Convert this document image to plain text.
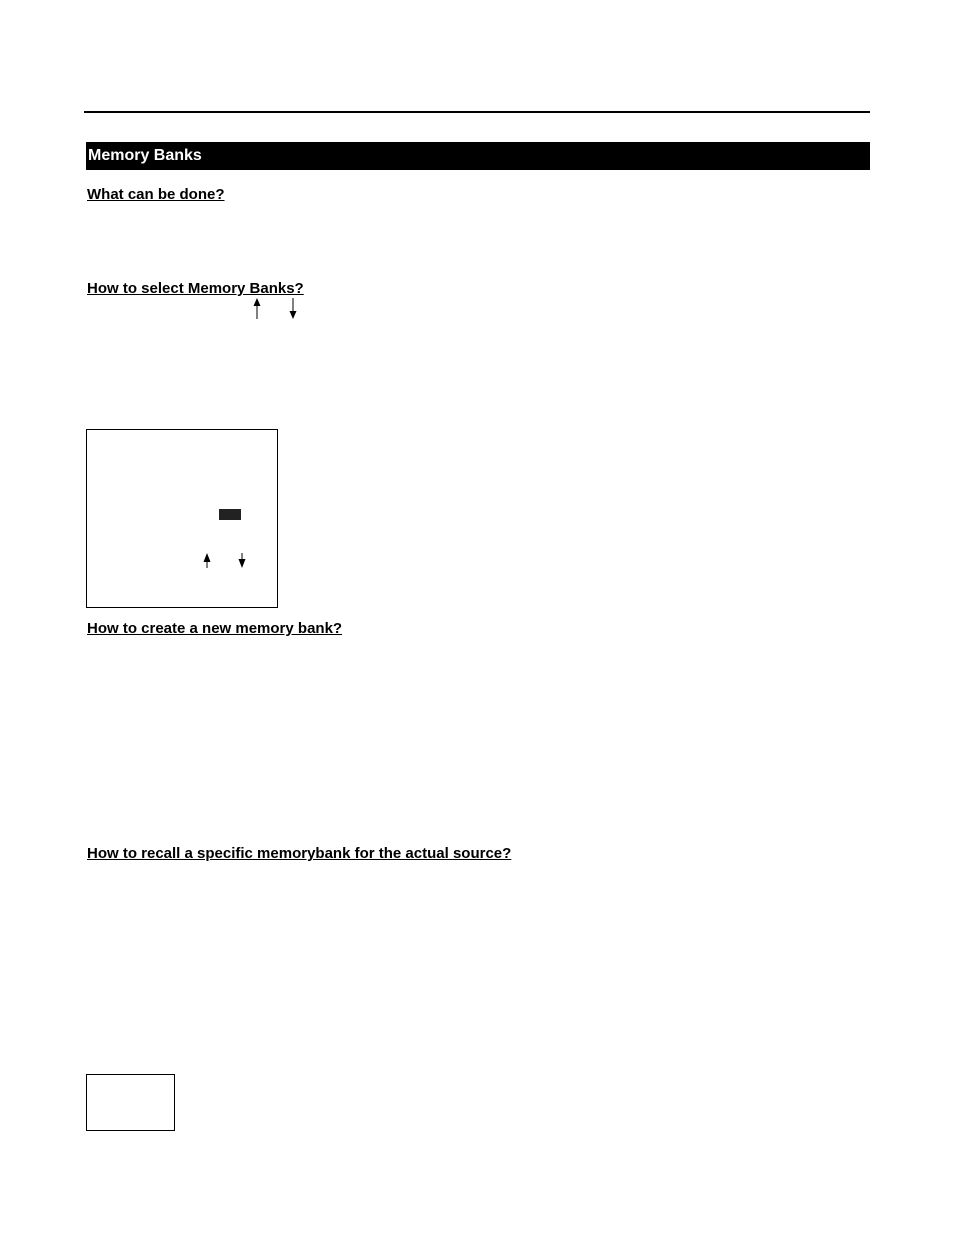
Memory Banks
What can be done?
How to select Memory Banks?
How to create a new memory bank?
How to recall a specific memorybank for the actual source?
